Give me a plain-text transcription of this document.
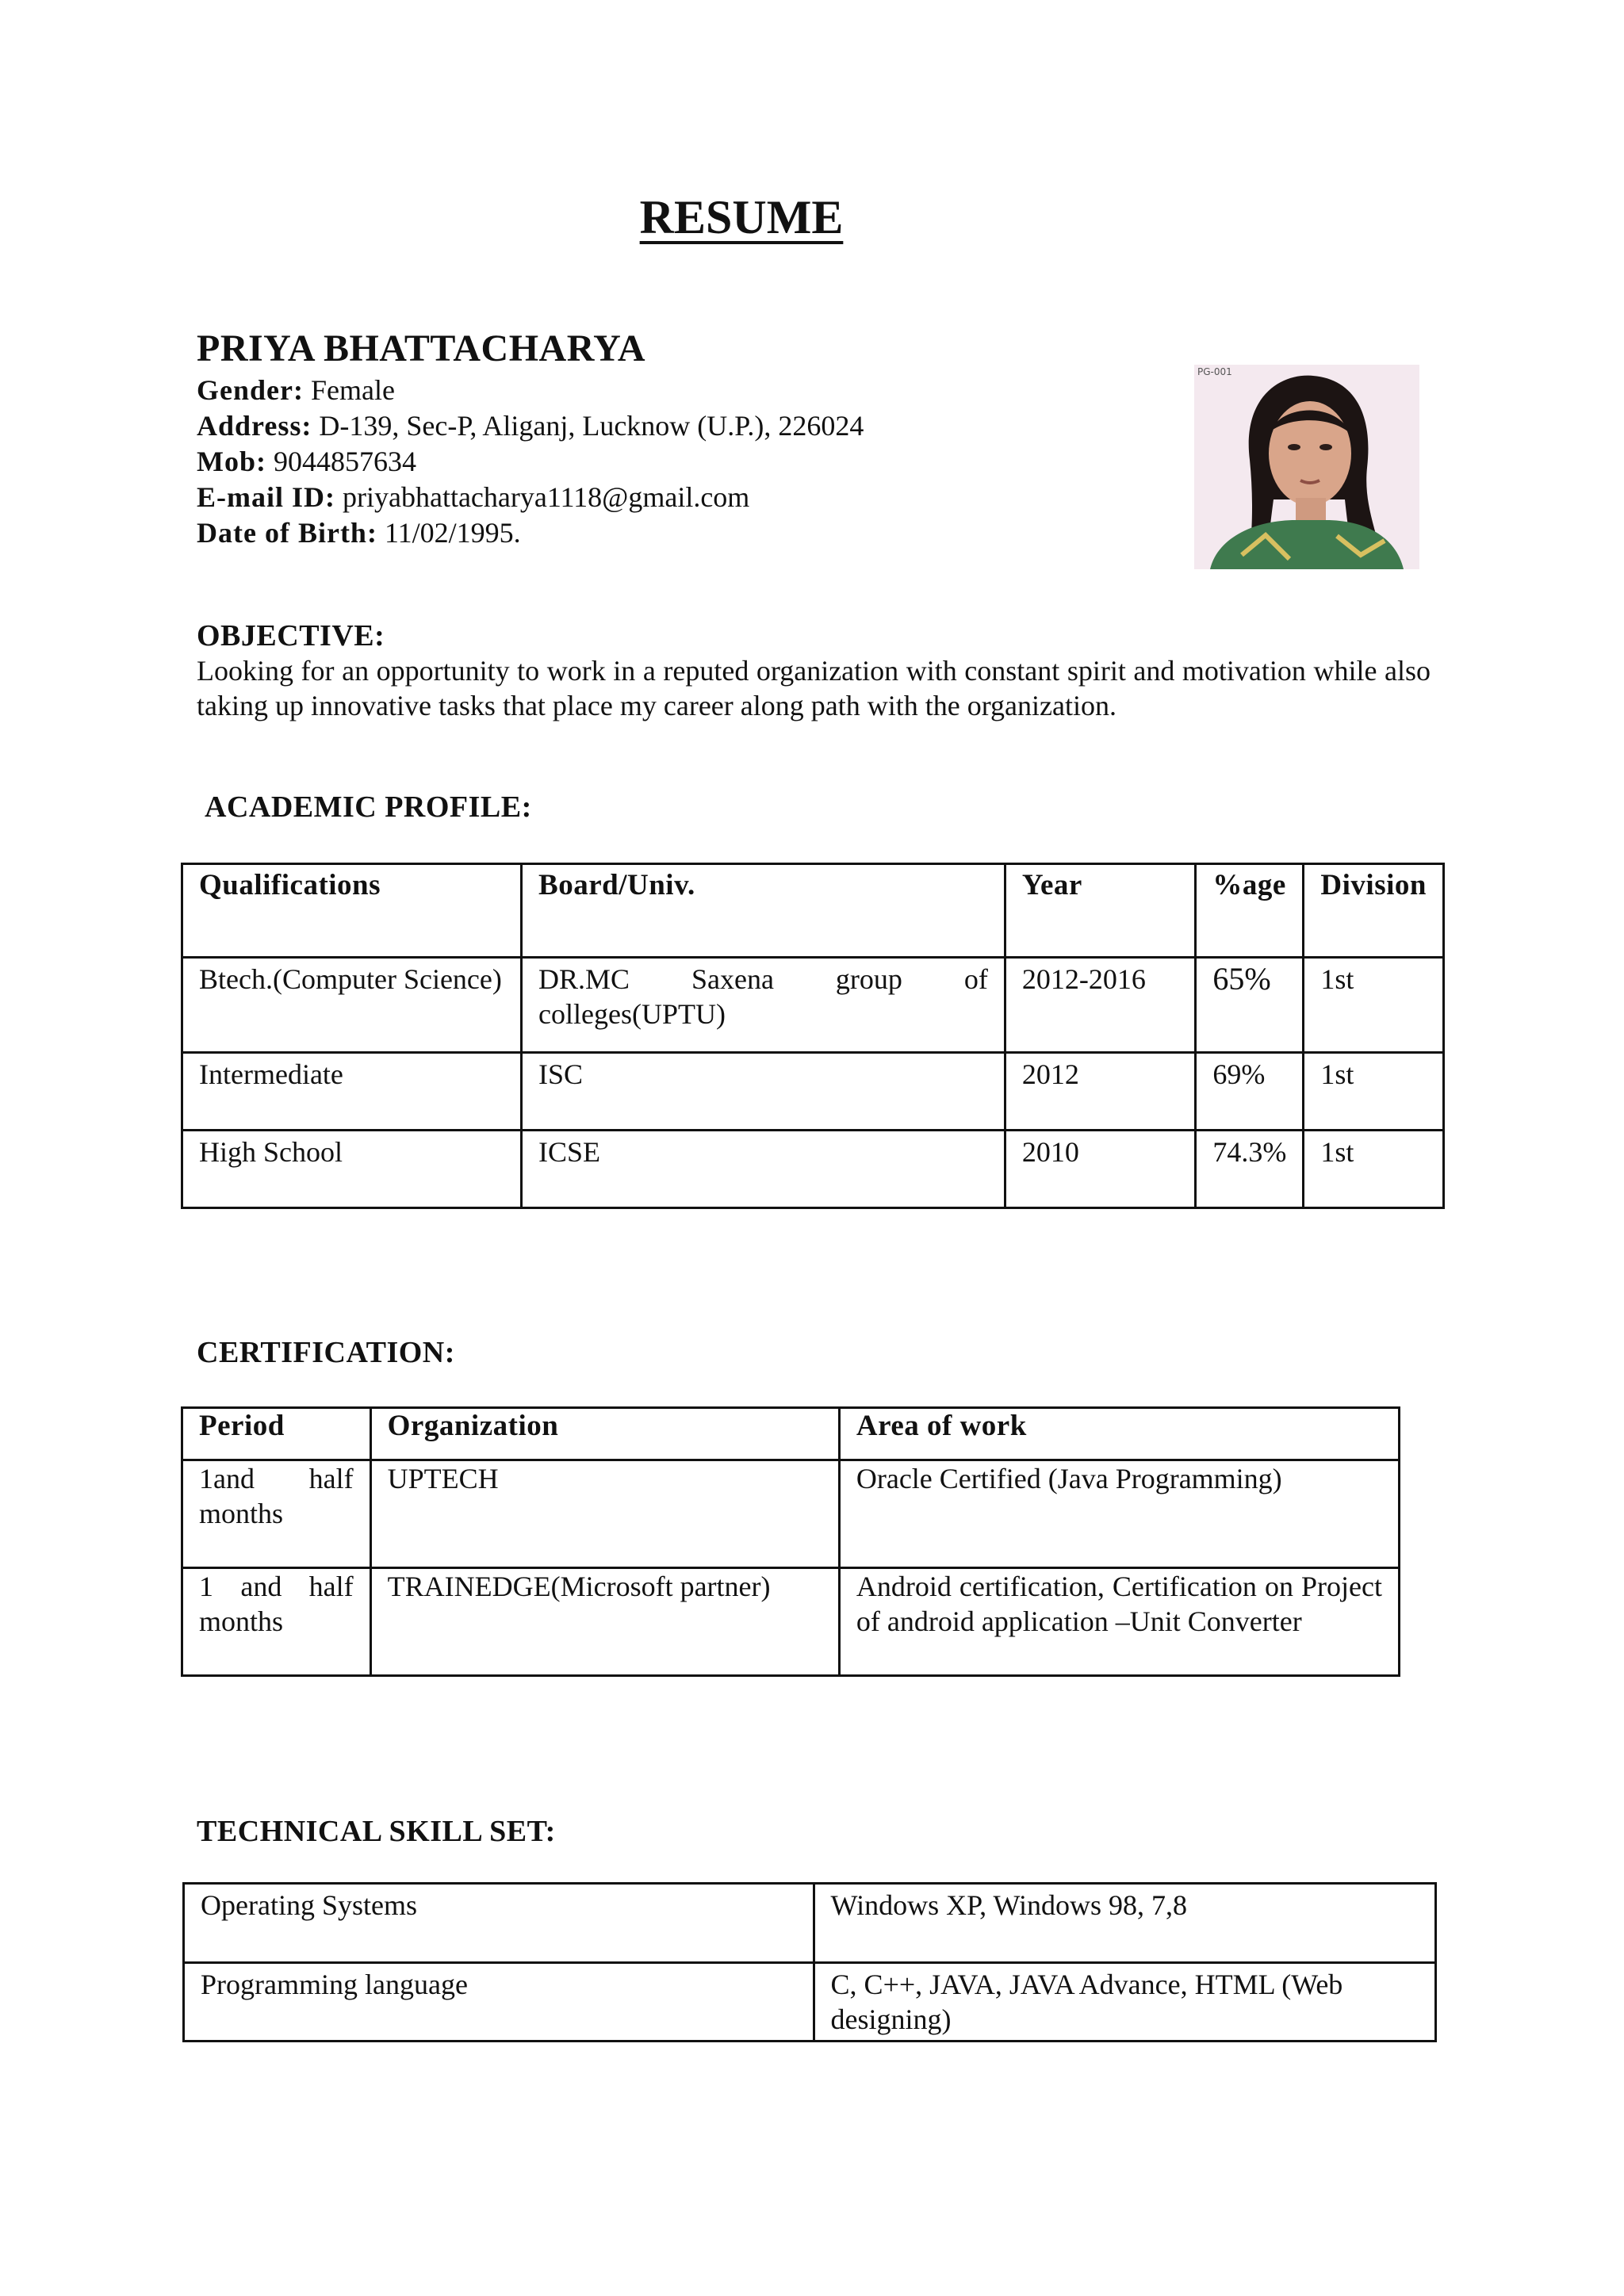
RESUME
PRIYA BHATTACHARYA
Gender: Female
Address: D-139, Sec-P, Aliganj, Lucknow (U.P.), 226024
Mob: 9044857634
E-mail ID: priyabhattacharya1118@gmail.com
Date of Birth: 11/02/1995.
PG-001
OBJECTIVE:
Looking for an opportunity to work in a reputed organization with constant spirit and motivation while also taking up innovative tasks that place my career along path with the organization.
ACADEMIC PROFILE:
Qualifications	Board/Univ.	Year	%age	Division
Btech.(Computer Science)	DR.MC Saxena group of colleges(UPTU)	2012-2016	65%	1st
Intermediate	ISC	2012	69%	1st
High School	ICSE	2010	74.3%	1st
CERTIFICATION:
Period	Organization	Area of work
1and half months	UPTECH	Oracle Certified (Java Programming)
1 and half months	TRAINEDGE(Microsoft partner)	Android certification, Certification on Project of android application –Unit Converter
TECHNICAL SKILL SET:
Operating Systems	Windows XP, Windows 98, 7,8
Programming language	C, C++, JAVA, JAVA Advance, HTML (Web designing)
